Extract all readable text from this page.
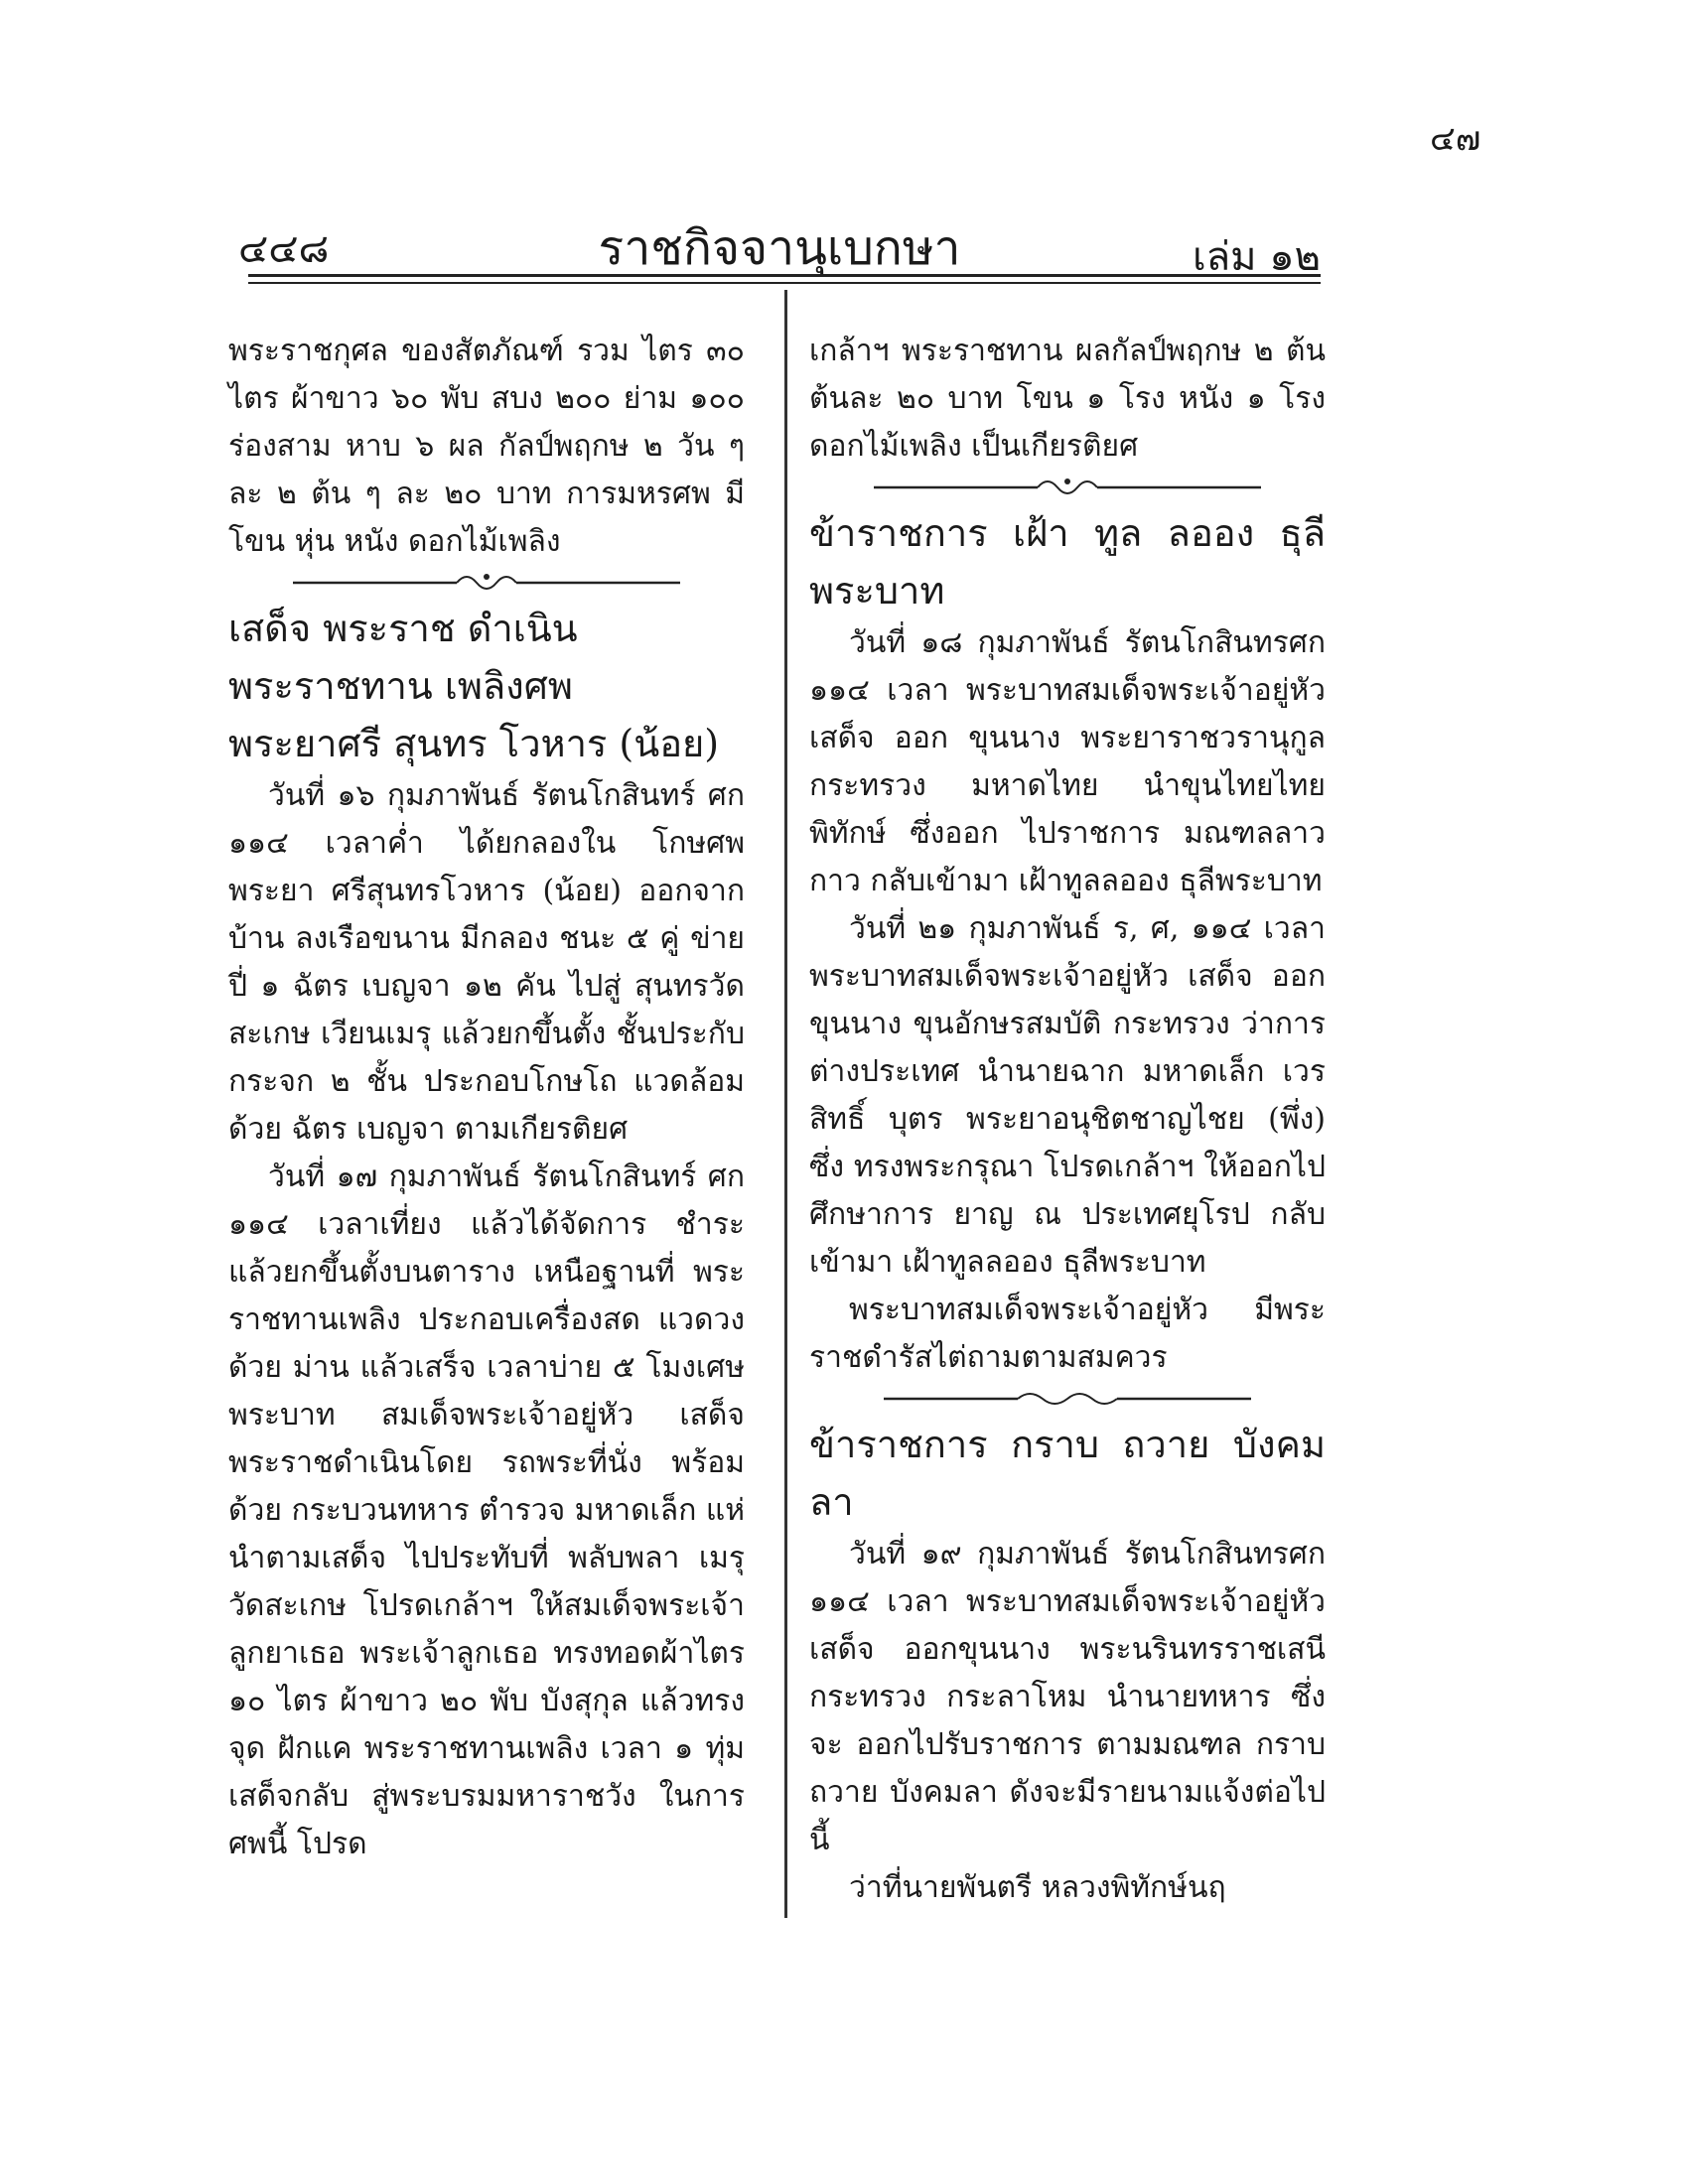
๔๗
๔๔๘	ราชกิจจานุเบกษา	เล่ม ๑๒

พระราชกุศล ของสัตภัณฑ์ รวม ไตร ๓๐ ไตร ผ้าขาว ๖๐ พับ สบง ๒๐๐ ย่าม ๑๐๐ ร่องสาม หาบ ๖ ผล กัลป์พฤกษ ๒ วัน ๆ ละ ๒ ต้น ๆ ละ ๒๐ บาท การมหรศพ มี โขน หุ่น หนัง ดอกไม้เพลิง

เสด็จ พระราช ดำเนิน

พระราชทาน เพลิงศพ

พระยาศรี สุนทร โวหาร (น้อย)

วันที่ ๑๖ กุมภาพันธ์ รัตนโกสินทร์ ศก ๑๑๔ เวลาค่ำ ได้ยกลองใน โกษศพ พระยา ศรีสุนทรโวหาร (น้อย) ออกจาก บ้าน ลงเรือขนาน มีกลอง ชนะ ๕ คู่ ข่าย ปี่ ๑ ฉัตร เบญจา ๑๒ คัน ไปสู่ สุนทรวัดสะเกษ เวียนเมรุ แล้วยกขึ้นตั้ง ชั้นประกับ กระจก ๒ ชั้น ประกอบโกษโถ แวดล้อมด้วย ฉัตร เบญจา ตามเกียรติยศ

วันที่ ๑๗ กุมภาพันธ์ รัตนโกสินทร์ ศก ๑๑๔ เวลาเที่ยง แล้วได้จัดการ ชำระ แล้วยกขึ้นตั้งบนตาราง เหนือฐานที่ พระ ราชทานเพลิง ประกอบเครื่องสด แวดวงด้วย ม่าน แล้วเสร็จ เวลาบ่าย ๕ โมงเศษ พระบาท สมเด็จพระเจ้าอยู่หัว เสด็จพระราชดำเนินโดย รถพระที่นั่ง พร้อมด้วย กระบวนทหาร ตำรวจ มหาดเล็ก แห่นำตามเสด็จ ไปประทับที่ พลับพลา เมรุวัดสะเกษ โปรดเกล้าฯ ให้สมเด็จพระเจ้า ลูกยาเธอ พระเจ้าลูกเธอ ทรงทอดผ้าไตร ๑๐ ไตร ผ้าขาว ๒๐ พับ บังสุกุล แล้วทรงจุด ฝักแค พระราชทานเพลิง เวลา ๑ ทุ่มเสด็จกลับ สู่พระบรมมหาราชวัง ในการศพนี้ โปรด

เกล้าฯ พระราชทาน ผลกัลป์พฤกษ ๒ ต้น ต้นละ ๒๐ บาท โขน ๑ โรง หนัง ๑ โรง ดอกไม้เพลิง เป็นเกียรติยศ

ข้าราชการ เฝ้า ทูล ลออง ธุลีพระบาท

วันที่ ๑๘ กุมภาพันธ์ รัตนโกสินทรศก ๑๑๔ เวลา พระบาทสมเด็จพระเจ้าอยู่หัว เสด็จ ออก ขุนนาง พระยาราชวรานุกูล กระทรวง มหาดไทย นำขุนไทยไทย พิทักษ์ ซึ่งออก ไปราชการ มณฑลลาวกาว กลับเข้ามา เฝ้าทูลลออง ธุลีพระบาท

วันที่ ๒๑ กุมภาพันธ์ ร, ศ, ๑๑๔ เวลา พระบาทสมเด็จพระเจ้าอยู่หัว เสด็จ ออก ขุนนาง ขุนอักษรสมบัติ กระทรวง ว่าการ ต่างประเทศ นำนายฉาก มหาดเล็ก เวรสิทธิ์ บุตร พระยาอนุชิตชาญไชย (พึ่ง) ซึ่ง ทรงพระกรุณา โปรดเกล้าฯ ให้ออกไป ศึกษาการ ยาญ ณ ประเทศยุโรป กลับ เข้ามา เฝ้าทูลลออง ธุลีพระบาท

พระบาทสมเด็จพระเจ้าอยู่หัว มีพระ ราชดำรัสไต่ถามตามสมควร

ข้าราชการ กราบ ถวาย บังคมลา

วันที่ ๑๙ กุมภาพันธ์ รัตนโกสินทรศก ๑๑๔ เวลา พระบาทสมเด็จพระเจ้าอยู่หัว เสด็จ ออกขุนนาง พระนรินทรราชเสนี กระทรวง กระลาโหม นำนายทหาร ซึ่งจะ ออกไปรับราชการ ตามมณฑล กราบถวาย บังคมลา ดังจะมีรายนามแจ้งต่อไปนี้

ว่าที่นายพันตรี หลวงพิทักษ์นฤ
